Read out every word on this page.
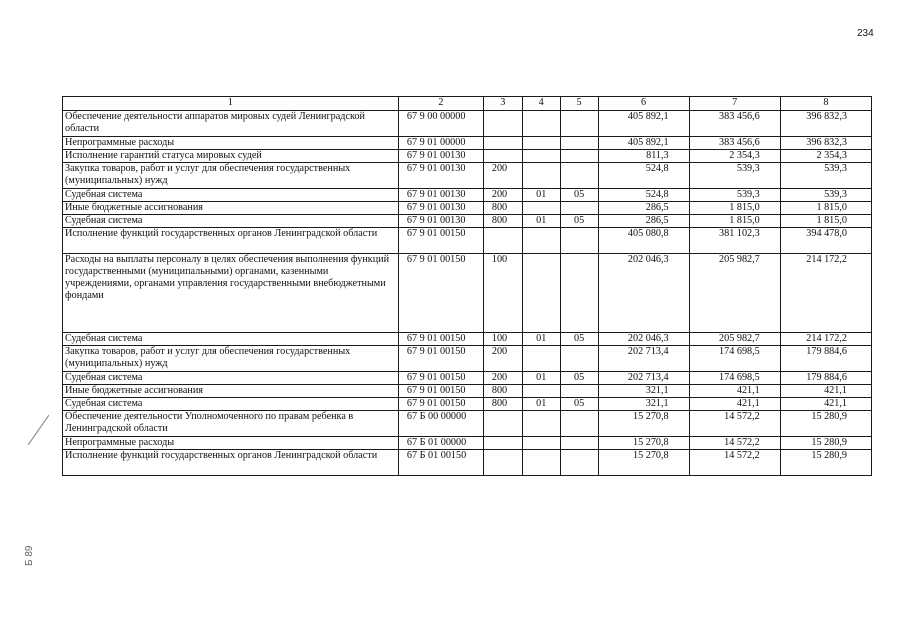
234
1	2	3	4	5	6	7	8
Обеспечение деятельности аппаратов мировых судей Ленинградской области	67 9 00 00000				405 892,1	383 456,6	396 832,3
Непрограммные расходы	67 9 01 00000				405 892,1	383 456,6	396 832,3
Исполнение гарантий статуса мировых судей	67 9 01 00130				811,3	2 354,3	2 354,3
Закупка товаров, работ и услуг для обеспечения государственных (муниципальных) нужд	67 9 01 00130	200			524,8	539,3	539,3
Судебная система	67 9 01 00130	200	01	05	524,8	539,3	539,3
Иные бюджетные ассигнования	67 9 01 00130	800			286,5	1 815,0	1 815,0
Судебная система	67 9 01 00130	800	01	05	286,5	1 815,0	1 815,0
Исполнение функций государственных органов Ленинградской области	67 9 01 00150				405 080,8	381 102,3	394 478,0
Расходы на выплаты персоналу в целях обеспечения выполнения функций государственными (муниципальными) органами, казенными учреждениями, органами управления государственными внебюджетными фондами	67 9 01 00150	100			202 046,3	205 982,7	214 172,2
Судебная система	67 9 01 00150	100	01	05	202 046,3	205 982,7	214 172,2
Закупка товаров, работ и услуг для обеспечения государственных (муниципальных) нужд	67 9 01 00150	200			202 713,4	174 698,5	179 884,6
Судебная система	67 9 01 00150	200	01	05	202 713,4	174 698,5	179 884,6
Иные бюджетные ассигнования	67 9 01 00150	800			321,1	421,1	421,1
Судебная система	67 9 01 00150	800	01	05	321,1	421,1	421,1
Обеспечение деятельности Уполномоченного по правам ребенка в Ленинградской области	67 Б 00 00000				15 270,8	14 572,2	15 280,9
Непрограммные расходы	67 Б 01 00000				15 270,8	14 572,2	15 280,9
Исполнение функций государственных органов Ленинградской области	67 Б 01 00150				15 270,8	14 572,2	15 280,9
Б 89
